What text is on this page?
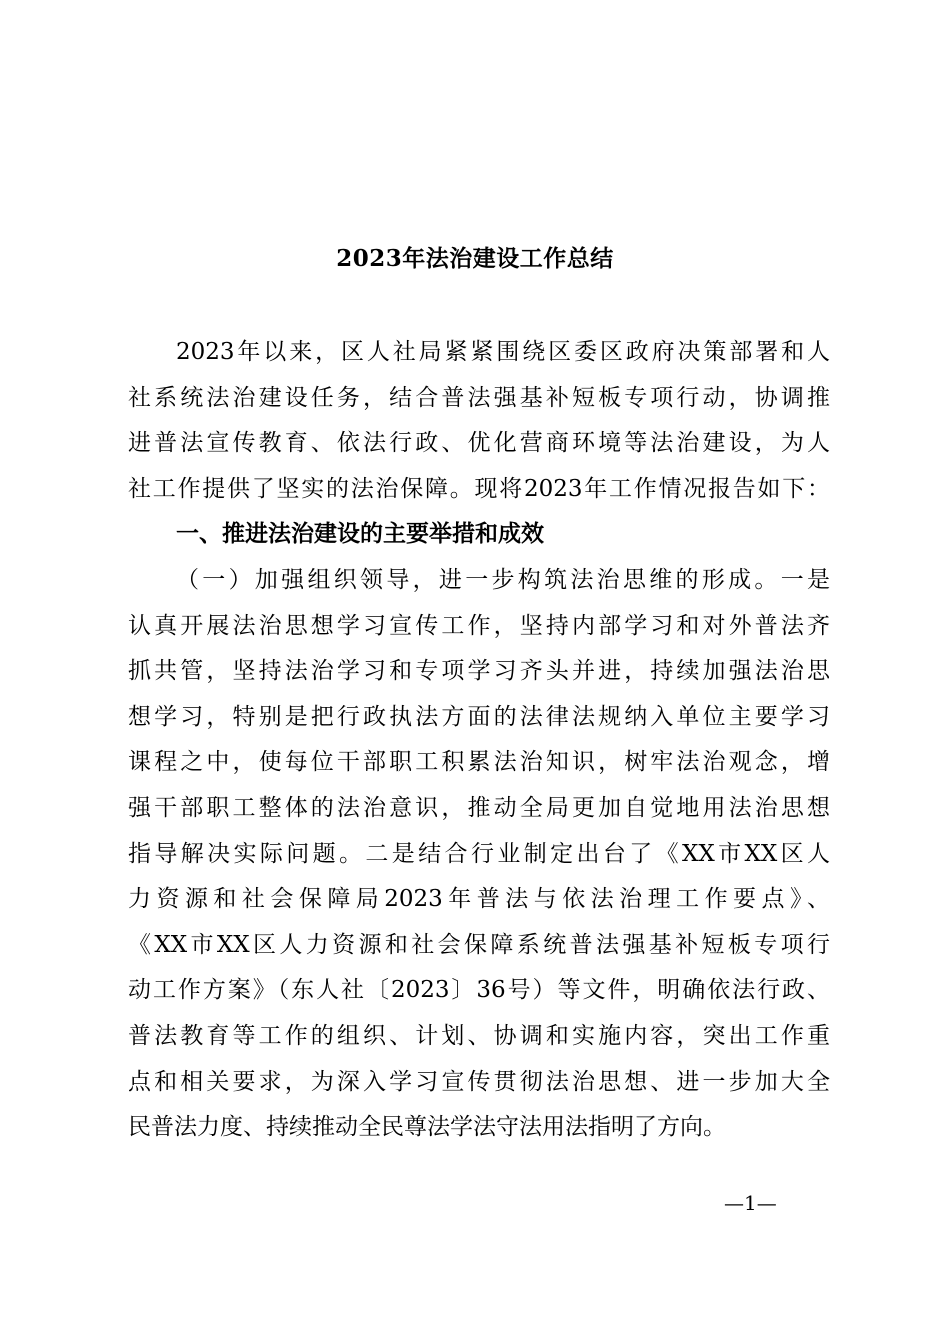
2023年法治建设工作总结
2023年以来，区人社局紧紧围绕区委区政府决策部署和人
社系统法治建设任务，结合普法强基补短板专项行动，协调推
进普法宣传教育、依法行政、优化营商环境等法治建设，为人
社工作提供了坚实的法治保障。现将2023年工作情况报告如下：
一、推进法治建设的主要举措和成效
（一）加强组织领导，进一步构筑法治思维的形成。一是
认真开展法治思想学习宣传工作，坚持内部学习和对外普法齐
抓共管，坚持法治学习和专项学习齐头并进，持续加强法治思
想学习，特别是把行政执法方面的法律法规纳入单位主要学习
课程之中，使每位干部职工积累法治知识，树牢法治观念，增
强干部职工整体的法治意识，推动全局更加自觉地用法治思想
指导解决实际问题。二是结合行业制定出台了《XX市XX区人
力资源和社会保障局2023年普法与依法治理工作要点》、
《XX市XX区人力资源和社会保障系统普法强基补短板专项行
动工作方案》（东人社〔2023〕36号）等文件，明确依法行政、
普法教育等工作的组织、计划、协调和实施内容，突出工作重
点和相关要求，为深入学习宣传贯彻法治思想、进一步加大全
民普法力度、持续推动全民尊法学法守法用法指明了方向。
—1—
